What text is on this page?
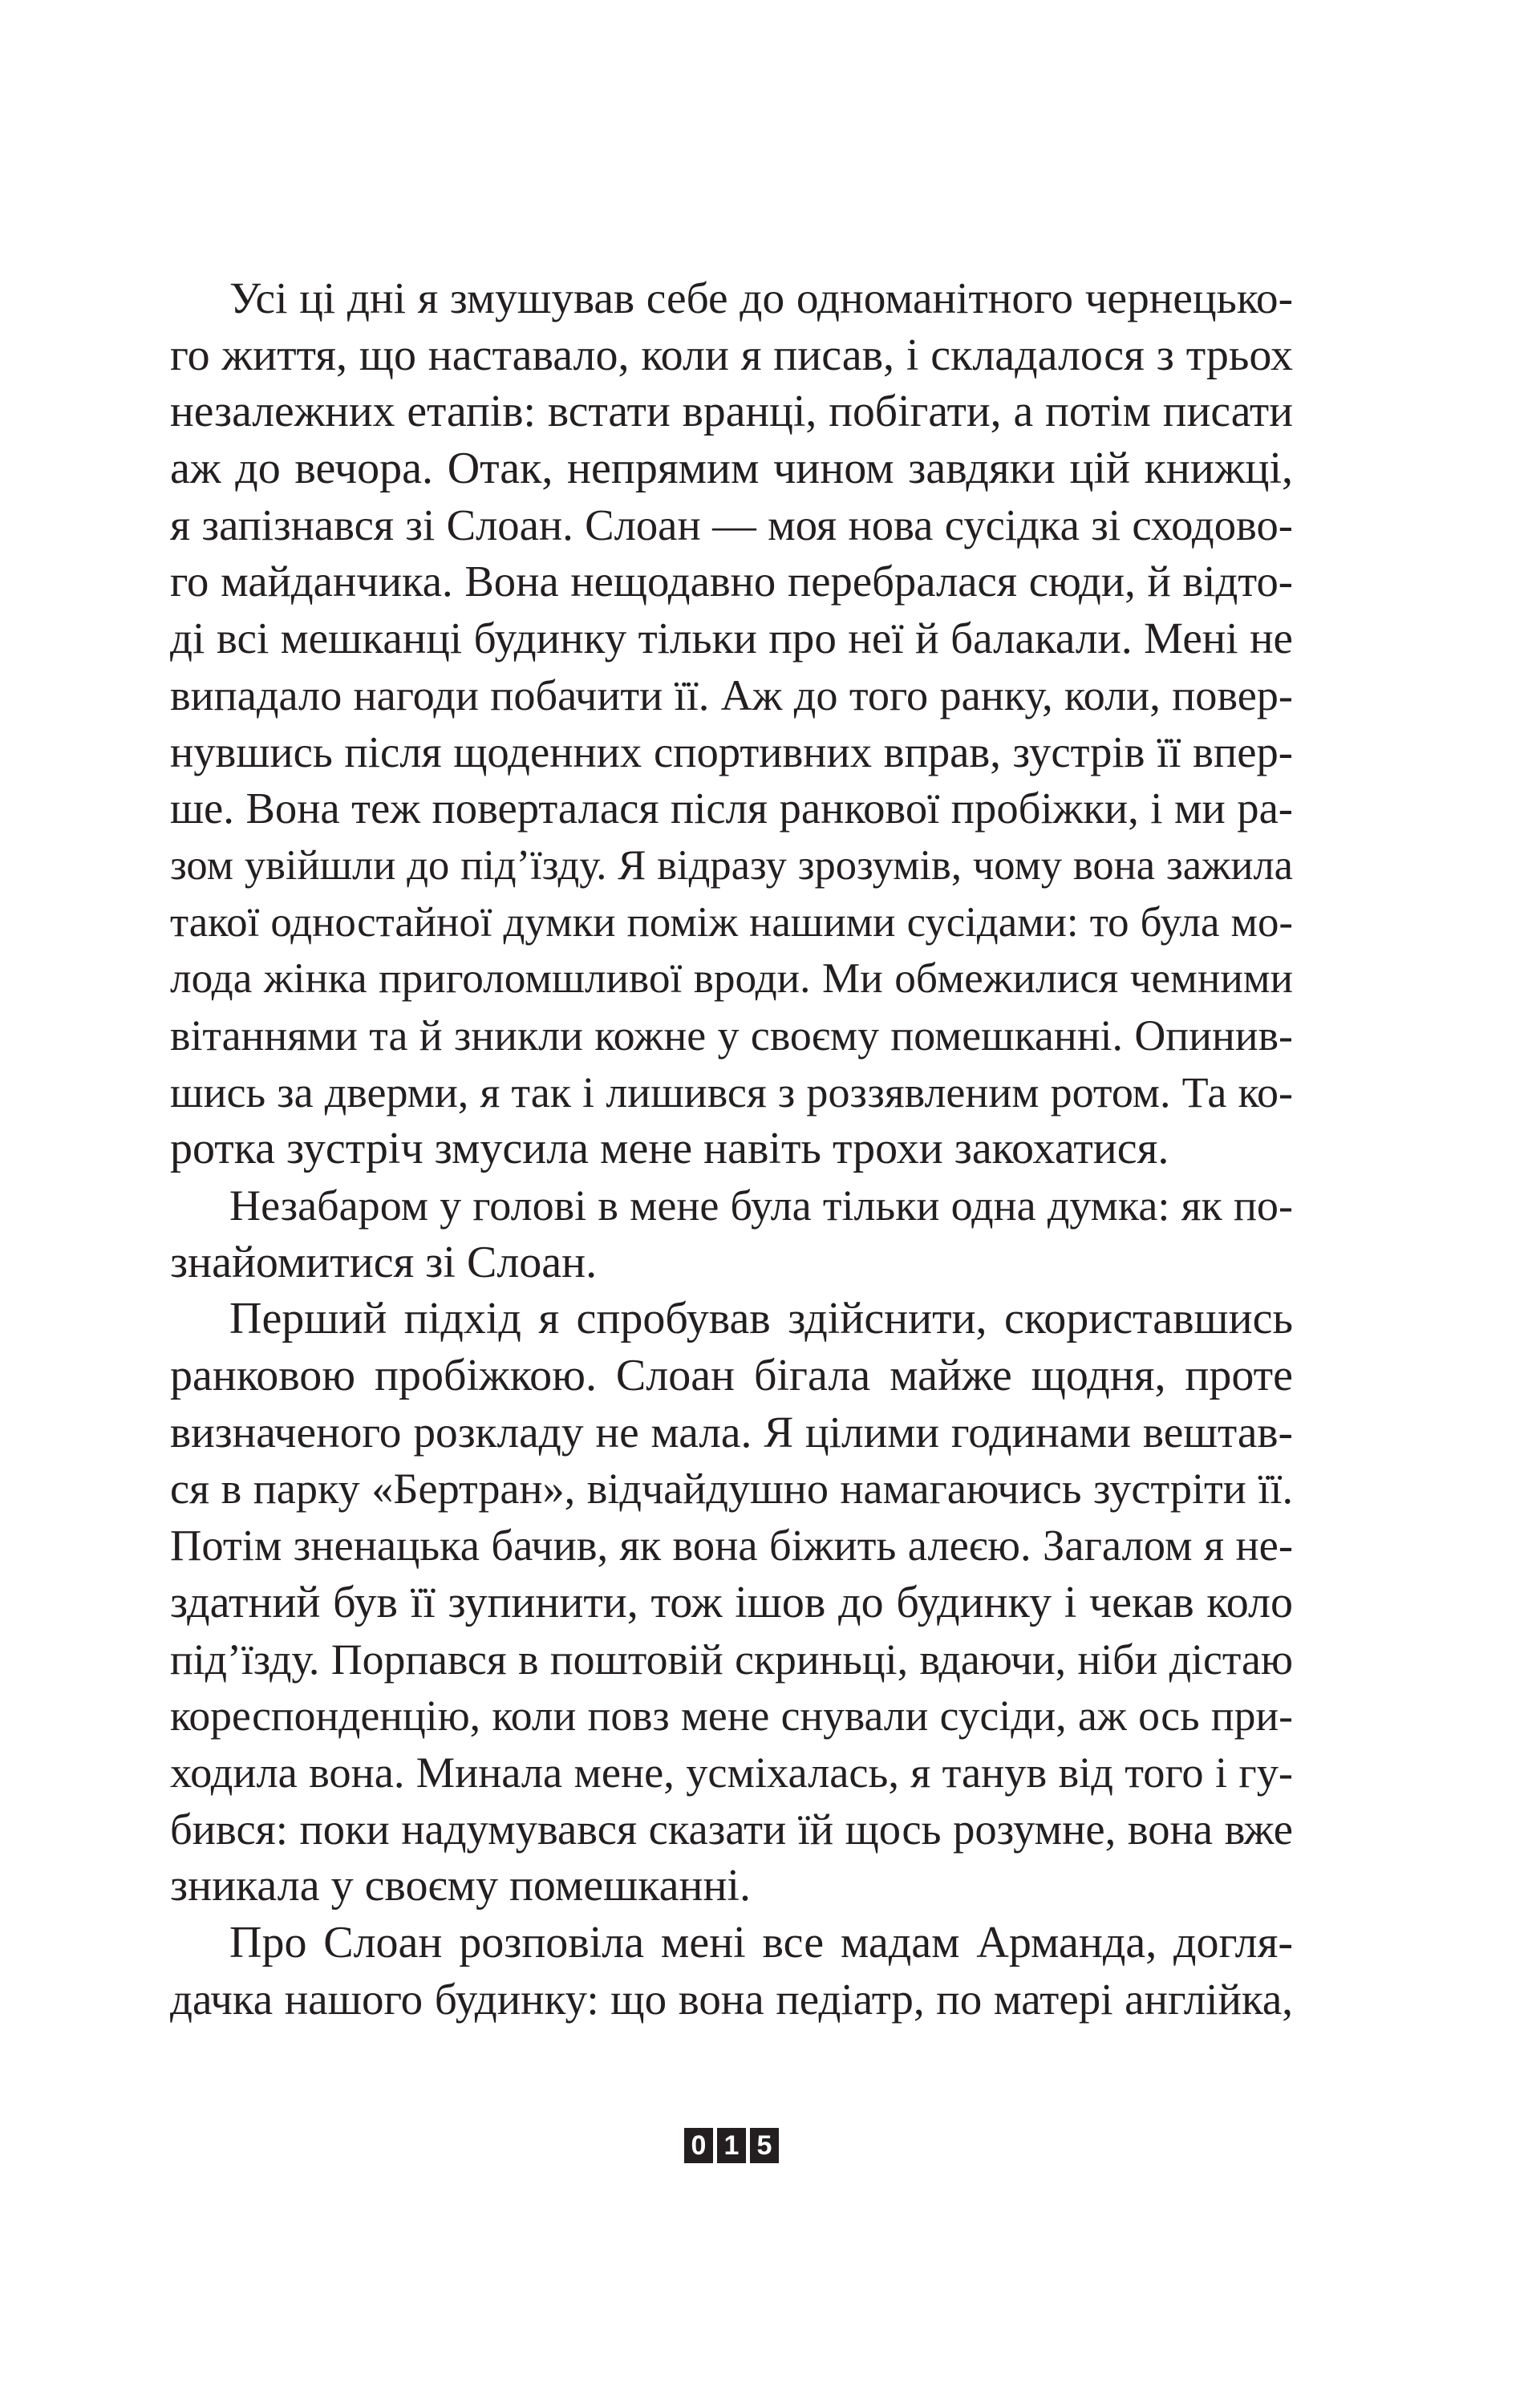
Усі ці дні я змушував себе до одноманітного чернецько-
го життя, що наставало, коли я писав, і складалося з трьох
незалежних етапів: встати вранці, побігати, а потім писати
аж до вечора. Отак, непрямим чином завдяки цій книжці,
я запізнався зі Слоан. Слоан — моя нова сусідка зі сходово-
го майданчика. Вона нещодавно перебралася сюди, й відто-
ді всі мешканці будинку тільки про неї й балакали. Мені не
випадало нагоди побачити її. Аж до того ранку, коли, повер-
нувшись після щоденних спортивних вправ, зустрів її впер-
ше. Вона теж поверталася після ранкової пробіжки, і ми ра-
зом увійшли до під’їзду. Я відразу зрозумів, чому вона зажила
такої одностайної думки поміж нашими сусідами: то була мо-
лода жінка приголомшливої вроди. Ми обмежилися чемними
вітаннями та й зникли кожне у своєму помешканні. Опинив-
шись за дверми, я так і лишився з роззявленим ротом. Та ко-
ротка зустріч змусила мене навіть трохи закохатися.
Незабаром у голові в мене була тільки одна думка: як по-
знайомитися зі Слоан.
Перший підхід я спробував здійснити, скориставшись
ранковою пробіжкою. Слоан бігала майже щодня, проте
визначеного розкладу не мала. Я цілими годинами вештав-
ся в парку «Бертран», відчайдушно намагаючись зустріти її.
Потім зненацька бачив, як вона біжить алеєю. Загалом я не-
здатний був її зупинити, тож ішов до будинку і чекав коло
під’їзду. Порпався в поштовій скриньці, вдаючи, ніби дістаю
кореспонденцію, коли повз мене снували сусіди, аж ось при-
ходила вона. Минала мене, усміхалась, я танув від того і гу-
бився: поки надумувався сказати їй щось розумне, вона вже
зникала у своєму помешканні.
Про Слоан розповіла мені все мадам Арманда, догля-
дачка нашого будинку: що вона педіатр, по матері англійка,
0 1 5
